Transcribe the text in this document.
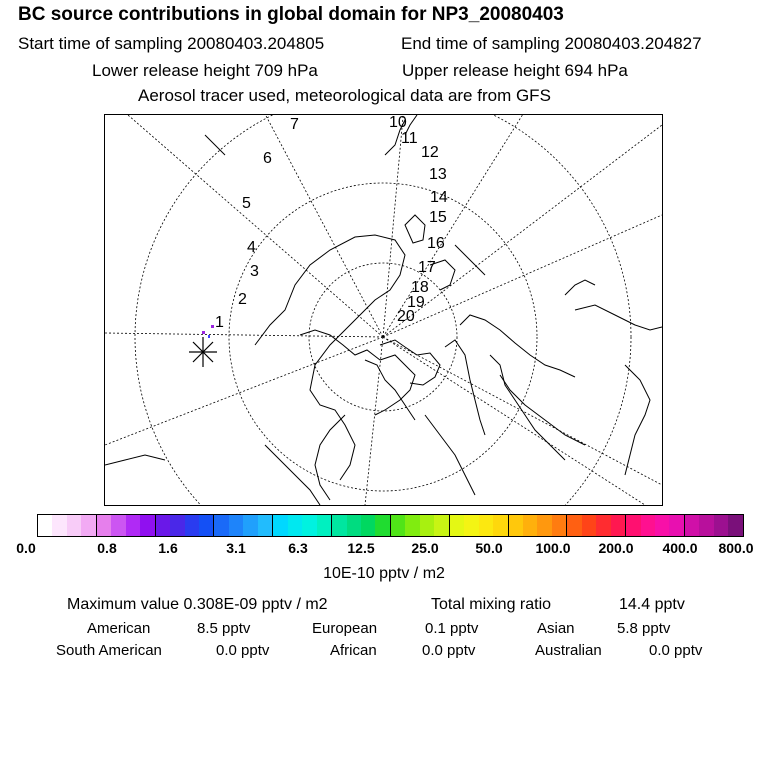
BC source contributions in global domain for NP3_20080403
Start time of sampling 20080403.204805	End time of sampling 20080403.204827
Lower release height 709 hPa	Upper release height 694 hPa
Aerosol tracer used, meteorological data are from GFS
1
2
3
4
5
6
7	10
11
12
13
14
15
16
17
18
19
20
0.0	0.8	1.6	3.1	6.3	12.5	25.0	50.0 100.0 200.0 400.0 800.0
10E-10 pptv / m2
Maximum value 0.308E-09 pptv / m2	Total mixing ratio	14.4 pptv
American	8.5 pptv	European	0.1 pptv	Asian	5.8 pptv
South American	0.0 pptv	African	0.0 pptv	Australian	0.0 pptv
